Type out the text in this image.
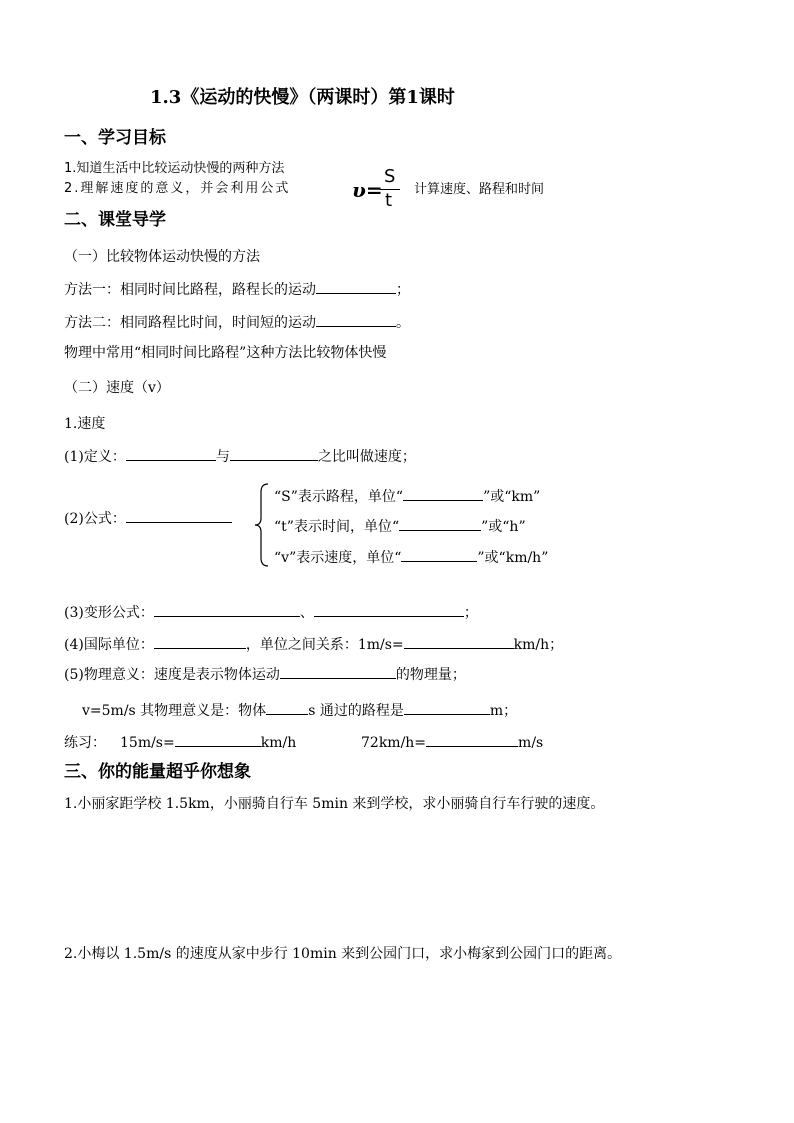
1.3《运动的快慢》（两课时）第1课时
一、学习目标
1.知道生活中比较运动快慢的两种方法
2.理解速度的意义，并会利用公式	υ=
S
t
计算速度、路程和时间
二、课堂导学
（一）比较物体运动快慢的方法
方法一：相同时间比路程，路程长的运动	；
方法二：相同路程比时间，时间短的运动	。
物理中常用“相同时间比路程”这种方法比较物体快慢
（二）速度（v）
1.速度
(1)定义：	与	之比叫做速度；
(2)公式：
“S”表示路程，单位“	”或“km”
“t”表示时间，单位“	”或“h”
“v”表示速度，单位“	”或“km/h”
(3)变形公式：	、	；
(4)国际单位：	，单位之间关系：1m/s=	km/h；
(5)物理意义：速度是表示物体运动	的物理量；
v=5m/s 其物理意义是：物体	s 通过的路程是	m；
练习： 15m/s=	km/h	72km/h=	m/s
三、你的能量超乎你想象
1.小丽家距学校 1.5km，小丽骑自行车 5min 来到学校，求小丽骑自行车行驶的速度。
2.小梅以 1.5m/s 的速度从家中步行 10min 来到公园门口，求小梅家到公园门口的距离。
